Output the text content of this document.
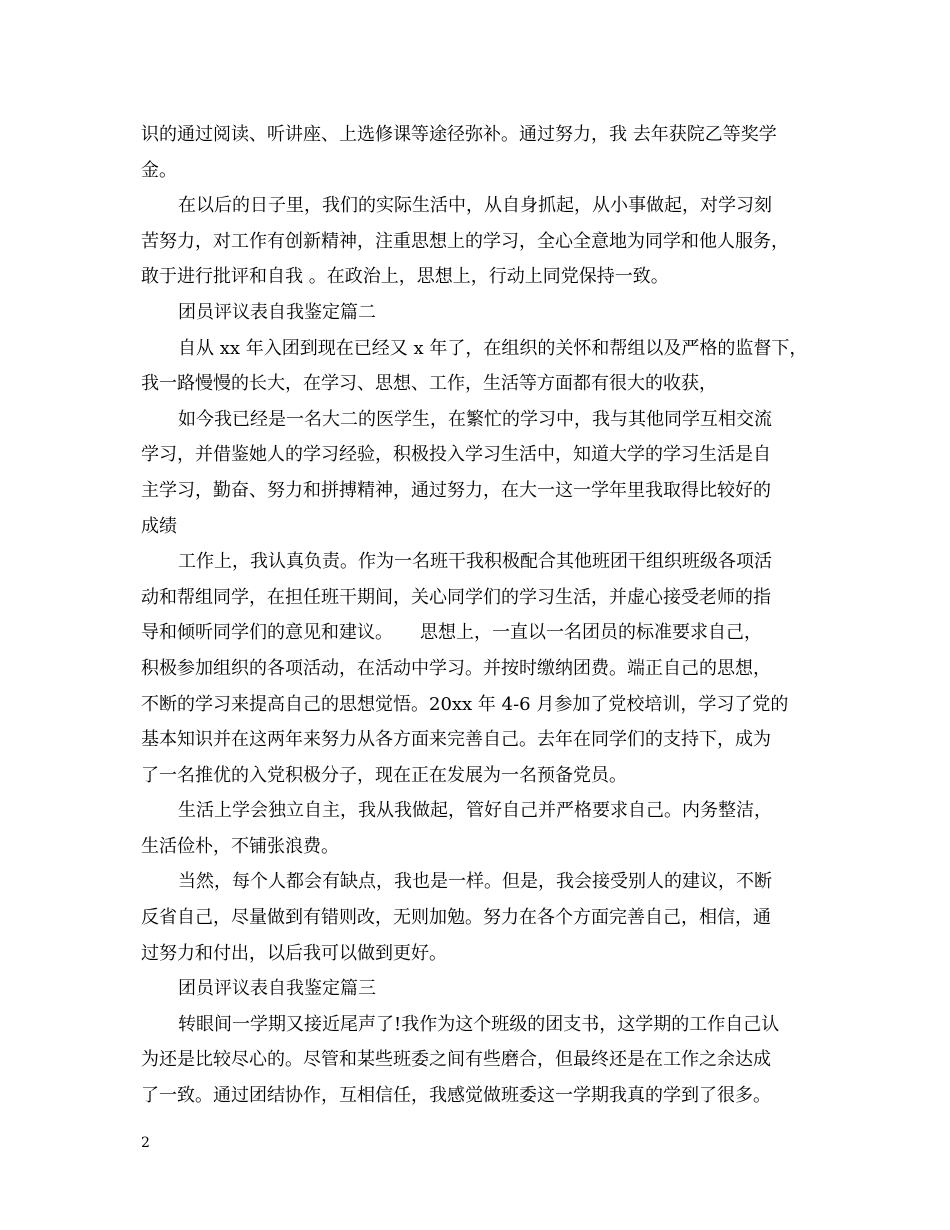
识的通过阅读、听讲座、上选修课等途径弥补。通过努力，我 去年获院乙等奖学

金。

在以后的日子里，我们的实际生活中，从自身抓起，从小事做起，对学习刻

苦努力，对工作有创新精神，注重思想上的学习，全心全意地为同学和他人服务，

敢于进行批评和自我 。在政治上，思想上，行动上同党保持一致。

团员评议表自我鉴定篇二

自从 xx 年入团到现在已经又 x 年了，在组织的关怀和帮组以及严格的监督下，

我一路慢慢的长大，在学习、思想、工作，生活等方面都有很大的收获，

如今我已经是一名大二的医学生，在繁忙的学习中，我与其他同学互相交流

学习，并借鉴她人的学习经验，积极投入学习生活中，知道大学的学习生活是自

主学习，勤奋、努力和拼搏精神，通过努力，在大一这一学年里我取得比较好的

成绩

工作上，我认真负责。作为一名班干我积极配合其他班团干组织班级各项活

动和帮组同学，在担任班干期间，关心同学们的学习生活，并虚心接受老师的指

导和倾听同学们的意见和建议。　　思想上，一直以一名团员的标准要求自己，

积极参加组织的各项活动，在活动中学习。并按时缴纳团费。端正自己的思想，

不断的学习来提高自己的思想觉悟。20xx 年 4-6 月参加了党校培训，学习了党的

基本知识并在这两年来努力从各方面来完善自己。去年在同学们的支持下，成为

了一名推优的入党积极分子，现在正在发展为一名预备党员。

生活上学会独立自主，我从我做起，管好自己并严格要求自己。内务整洁，

生活俭朴，不铺张浪费。

当然，每个人都会有缺点，我也是一样。但是，我会接受别人的建议，不断

反省自己，尽量做到有错则改，无则加勉。努力在各个方面完善自己，相信，通

过努力和付出，以后我可以做到更好。

团员评议表自我鉴定篇三

转眼间一学期又接近尾声了!我作为这个班级的团支书，这学期的工作自己认

为还是比较尽心的。尽管和某些班委之间有些磨合，但最终还是在工作之余达成

了一致。通过团结协作，互相信任，我感觉做班委这一学期我真的学到了很多。

2
